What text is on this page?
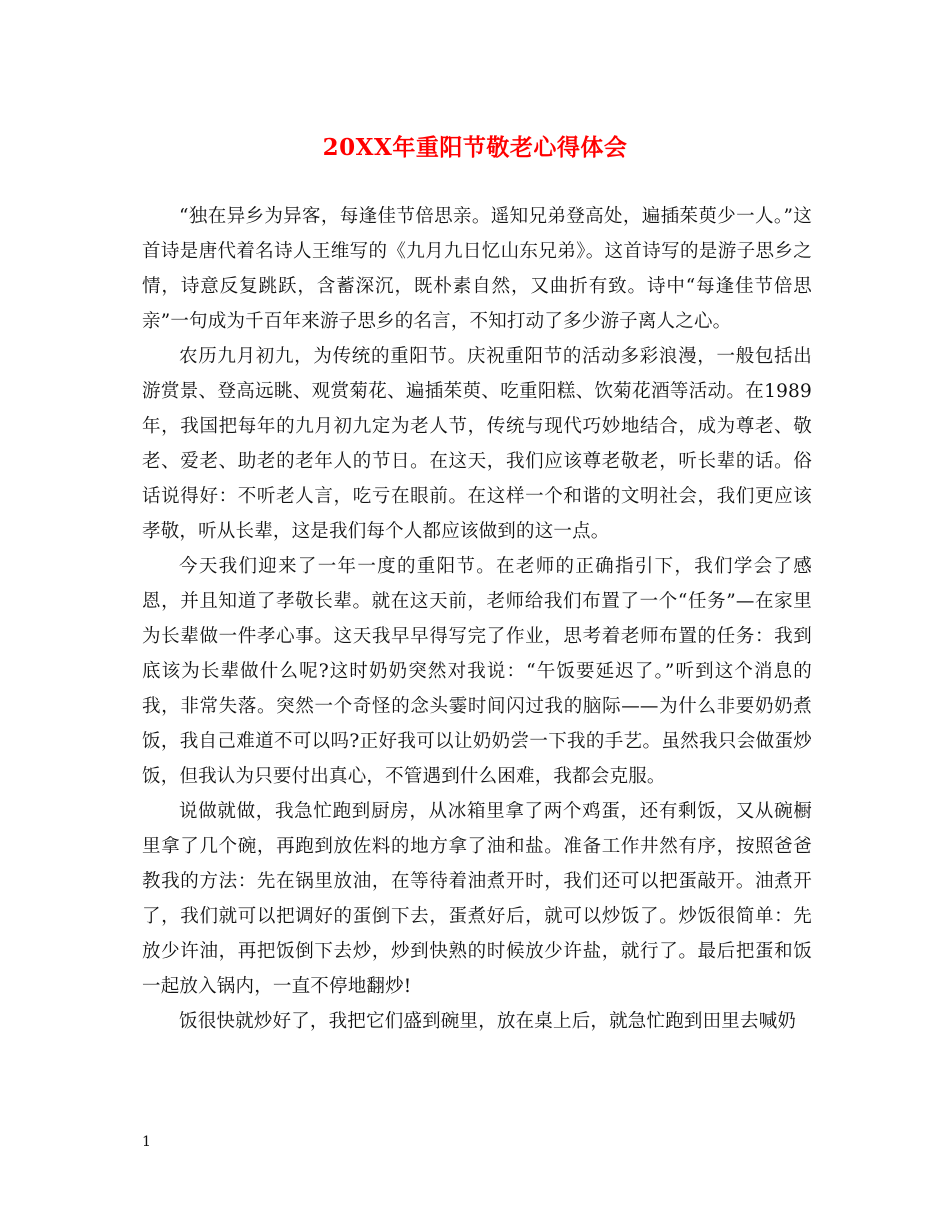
20XX年重阳节敬老心得体会

“独在异乡为异客，每逢佳节倍思亲。遥知兄弟登高处，遍插茱萸少一人。”这首诗是唐代着名诗人王维写的《九月九日忆山东兄弟》。这首诗写的是游子思乡之情，诗意反复跳跃，含蓄深沉，既朴素自然，又曲折有致。诗中“每逢佳节倍思亲”一句成为千百年来游子思乡的名言，不知打动了多少游子离人之心。

农历九月初九，为传统的重阳节。庆祝重阳节的活动多彩浪漫，一般包括出游赏景、登高远眺、观赏菊花、遍插茱萸、吃重阳糕、饮菊花酒等活动。在1989年，我国把每年的九月初九定为老人节，传统与现代巧妙地结合，成为尊老、敬老、爱老、助老的老年人的节日。在这天，我们应该尊老敬老，听长辈的话。俗话说得好：不听老人言，吃亏在眼前。在这样一个和谐的文明社会，我们更应该孝敬，听从长辈，这是我们每个人都应该做到的这一点。

今天我们迎来了一年一度的重阳节。在老师的正确指引下，我们学会了感恩，并且知道了孝敬长辈。就在这天前，老师给我们布置了一个“任务”—在家里为长辈做一件孝心事。这天我早早得写完了作业，思考着老师布置的任务：我到底该为长辈做什么呢?这时奶奶突然对我说：“午饭要延迟了。”听到这个消息的我，非常失落。突然一个奇怪的念头霎时间闪过我的脑际——为什么非要奶奶煮饭，我自己难道不可以吗?正好我可以让奶奶尝一下我的手艺。虽然我只会做蛋炒饭，但我认为只要付出真心，不管遇到什么困难，我都会克服。

说做就做，我急忙跑到厨房，从冰箱里拿了两个鸡蛋，还有剩饭，又从碗橱里拿了几个碗，再跑到放佐料的地方拿了油和盐。准备工作井然有序，按照爸爸教我的方法：先在锅里放油，在等待着油煮开时，我们还可以把蛋敲开。油煮开了，我们就可以把调好的蛋倒下去，蛋煮好后，就可以炒饭了。炒饭很简单：先放少许油，再把饭倒下去炒，炒到快熟的时候放少许盐，就行了。最后把蛋和饭一起放入锅内，一直不停地翻炒!

饭很快就炒好了，我把它们盛到碗里，放在桌上后，就急忙跑到田里去喊奶

1
